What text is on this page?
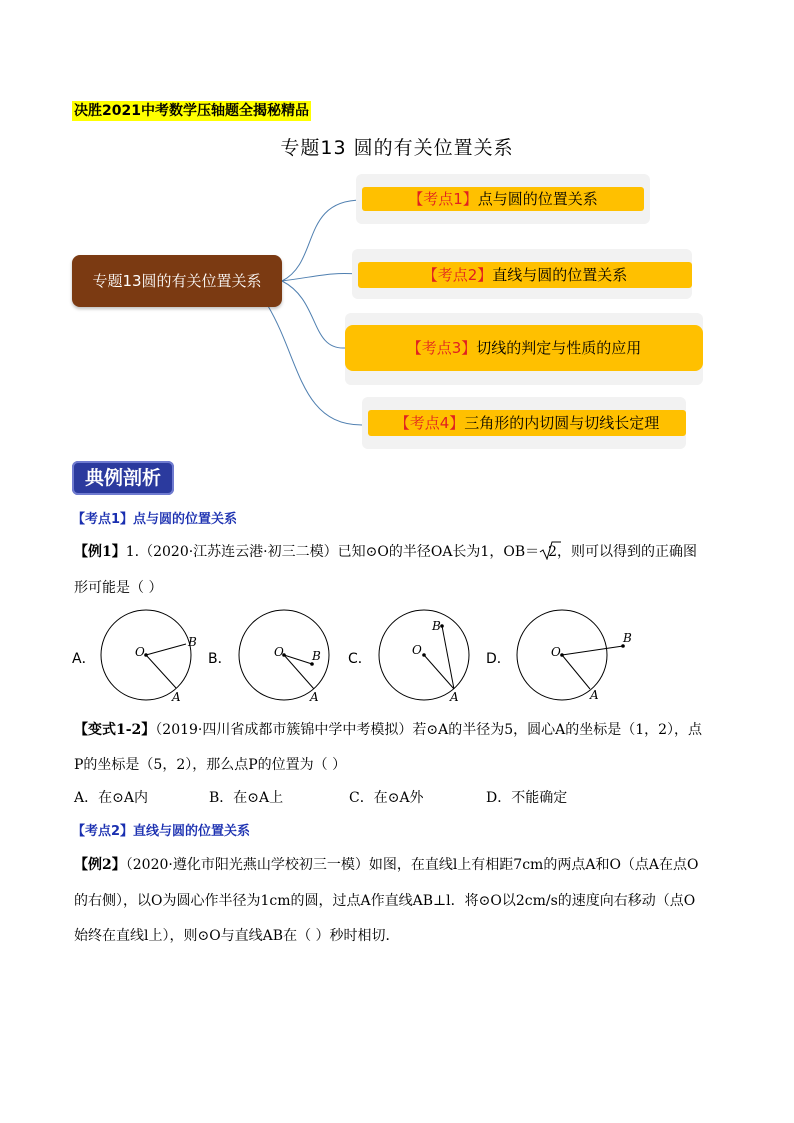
决胜2021中考数学压轴题全揭秘精品
专题13 圆的有关位置关系
专题13圆的有关位置关系
【考点1】点与圆的位置关系
【考点2】直线与圆的位置关系
【考点3】切线的判定与性质的应用
【考点4】三角形的内切圆与切线长定理
典例剖析
【考点1】点与圆的位置关系
【例1】1.（2020·江苏连云港·初三二模）已知⊙O的半径OA长为1，OB＝ 2，则可以得到的正确图
形可能是（ ）
A．	O
B
A
B．	O B
A
C．
O
B
A
D．	O
B
A
【变式1-2】（2019·四川省成都市簇锦中学中考模拟）若⊙A的半径为5，圆心A的坐标是（1，2），点
P的坐标是（5，2），那么点P的位置为（ ）
A．在⊙A内	B．在⊙A上	C．在⊙A外	D．不能确定
【考点2】直线与圆的位置关系
【例2】（2020·遵化市阳光燕山学校初三一模）如图，在直线l上有相距7cm的两点A和O（点A在点O
的右侧），以O为圆心作半径为1cm的圆，过点A作直线AB⊥l．将⊙O以2cm/s的速度向右移动（点O
始终在直线l上），则⊙O与直线AB在（ ）秒时相切．
